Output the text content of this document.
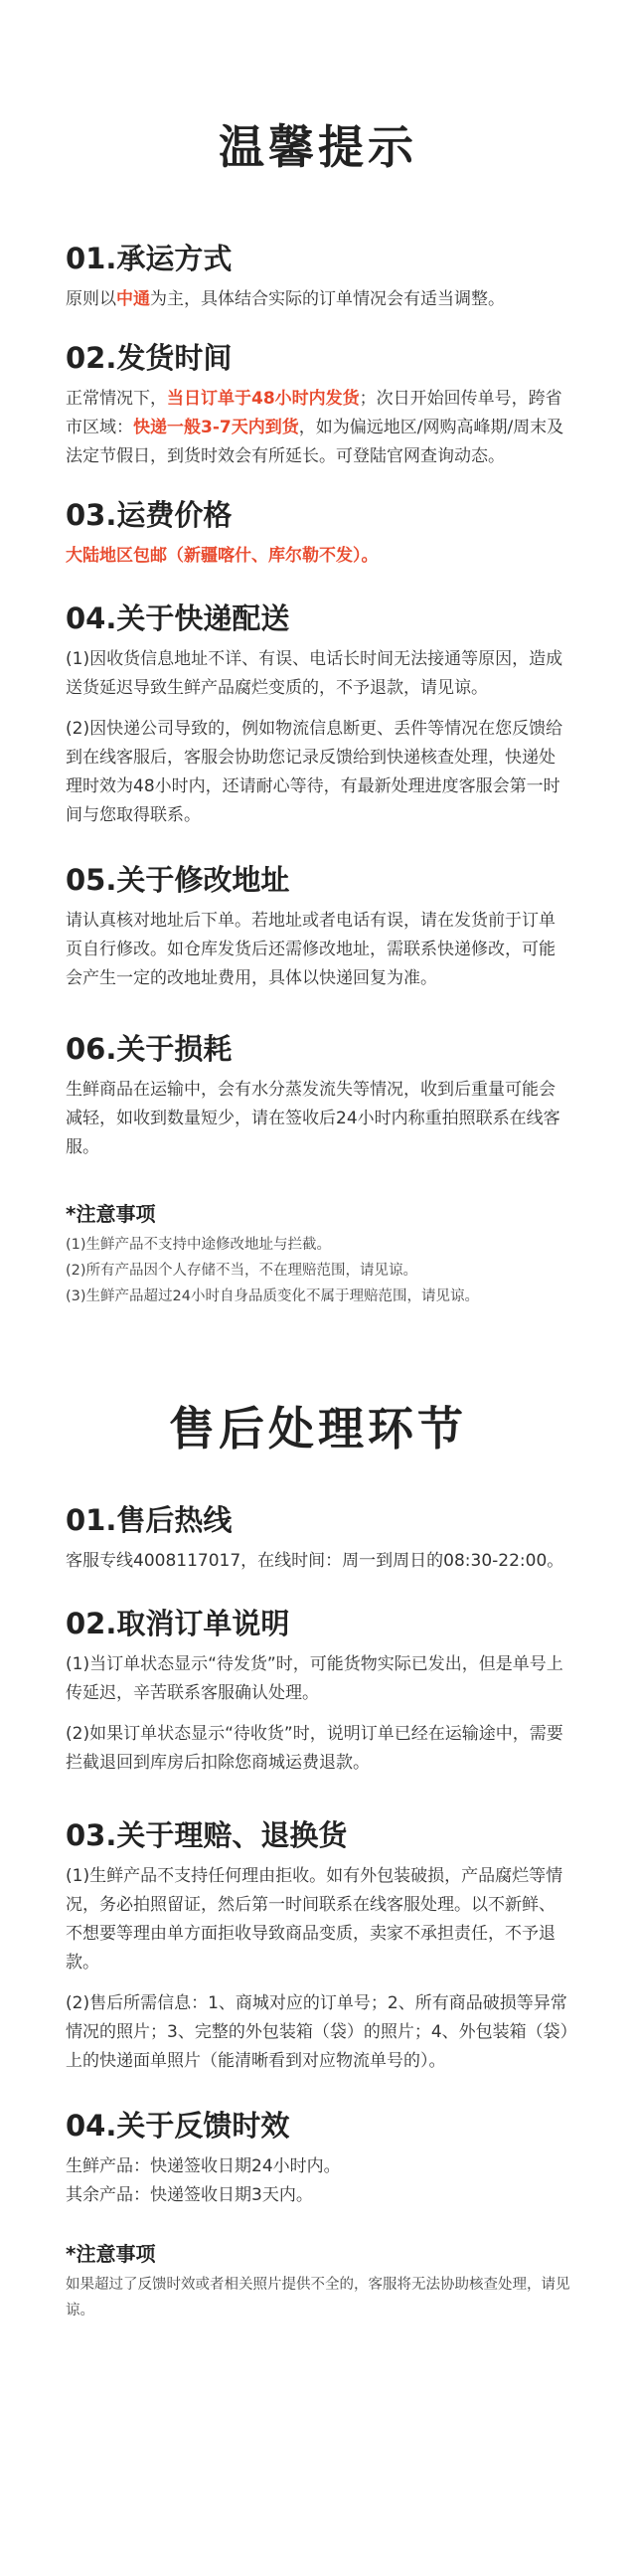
温馨提示
01.承运方式

原则以中通为主，具体结合实际的订单情况会有适当调整。

02.发货时间

正常情况下，当日订单于48小时内发货；次日开始回传单号，跨省市区域：快递一般3-7天内到货，如为偏远地区/网购高峰期/周末及法定节假日，到货时效会有所延长。可登陆官网查询动态。

03.运费价格

大陆地区包邮（新疆喀什、库尔勒不发）。

04.关于快递配送

(1)因收货信息地址不详、有误、电话长时间无法接通等原因，造成送货延迟导致生鲜产品腐烂变质的，不予退款，请见谅。

(2)因快递公司导致的，例如物流信息断更、丢件等情况在您反馈给到在线客服后，客服会协助您记录反馈给到快递核查处理，快递处理时效为48小时内，还请耐心等待，有最新处理进度客服会第一时间与您取得联系。

05.关于修改地址

请认真核对地址后下单。若地址或者电话有误，请在发货前于订单页自行修改。如仓库发货后还需修改地址，需联系快递修改，可能会产生一定的改地址费用，具体以快递回复为准。

06.关于损耗

生鲜商品在运输中，会有水分蒸发流失等情况，收到后重量可能会减轻，如收到数量短少，请在签收后24小时内称重拍照联系在线客服。

*注意事项

(1)生鲜产品不支持中途修改地址与拦截。

(2)所有产品因个人存储不当，不在理赔范围，请见谅。

(3)生鲜产品超过24小时自身品质变化不属于理赔范围，请见谅。

售后处理环节
01.售后热线

客服专线4008117017，在线时间：周一到周日的08:30-22:00。

02.取消订单说明

(1)当订单状态显示“待发货”时，可能货物实际已发出，但是单号上传延迟，辛苦联系客服确认处理。

(2)如果订单状态显示“待收货”时，说明订单已经在运输途中，需要拦截退回到库房后扣除您商城运费退款。

03.关于理赔、退换货

(1)生鲜产品不支持任何理由拒收。如有外包装破损，产品腐烂等情况，务必拍照留证，然后第一时间联系在线客服处理。以不新鲜、不想要等理由单方面拒收导致商品变质，卖家不承担责任，不予退款。

(2)售后所需信息：1、商城对应的订单号；2、所有商品破损等异常情况的照片；3、完整的外包装箱（袋）的照片；4、外包装箱（袋）上的快递面单照片（能清晰看到对应物流单号的）。

04.关于反馈时效

生鲜产品：快递签收日期24小时内。

其余产品：快递签收日期3天内。

*注意事项

如果超过了反馈时效或者相关照片提供不全的，客服将无法协助核查处理，请见谅。
